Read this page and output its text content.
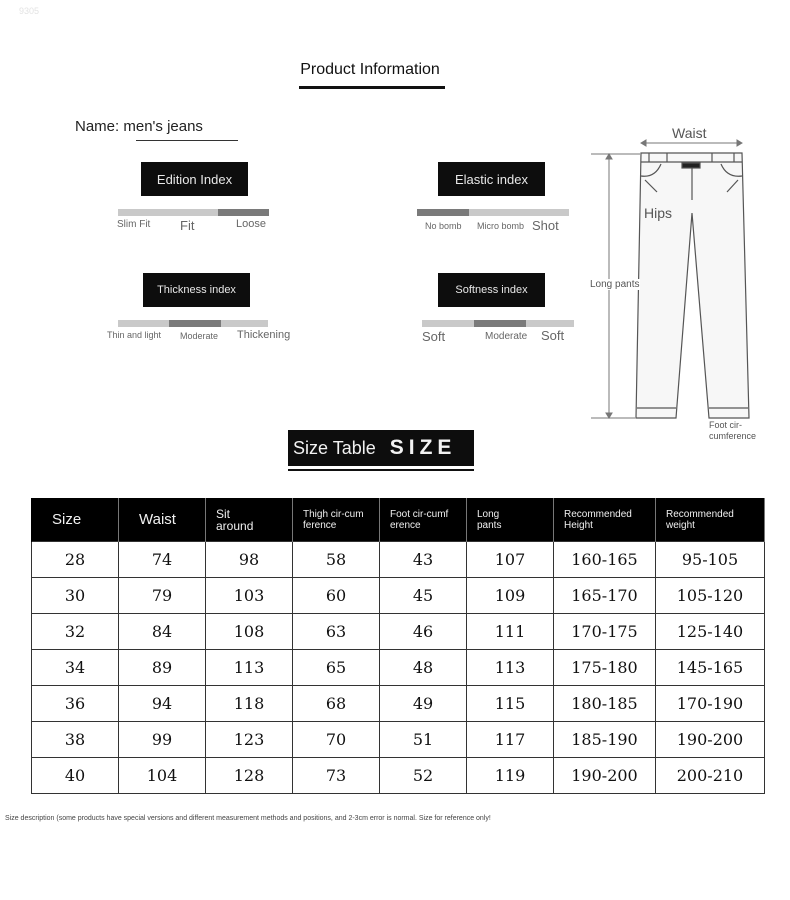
9305
Product Information
Name: men's jeans
Edition Index
Slim Fit Fit	Loose
Elastic index
No bomb Micro bomb Shot
Thickness index
Thin and light Moderate Thickening
Softness index
Soft	Moderate Soft
Waist
Hips
Long pants
Foot cir-
cumference
Size Table SIZE
Size	Waist	Sit around	Thigh cir-cumference	Foot cir-cumference	Long pants	Recommended Height	Recommended weight

28	74	98	58	43	107	160-165	95-105

30	79	103	60	45	109	165-170	105-120

32	84	108	63	46	111	170-175	125-140

34	89	113	65	48	113	175-180	145-165

36	94	118	68	49	115	180-185	170-190

38	99	123	70	51	117	185-190	190-200

40	104	128	73	52	119	190-200	200-210
Size description (some products have special versions and different measurement methods and positions, and 2-3cm error is normal. Size for reference only!
